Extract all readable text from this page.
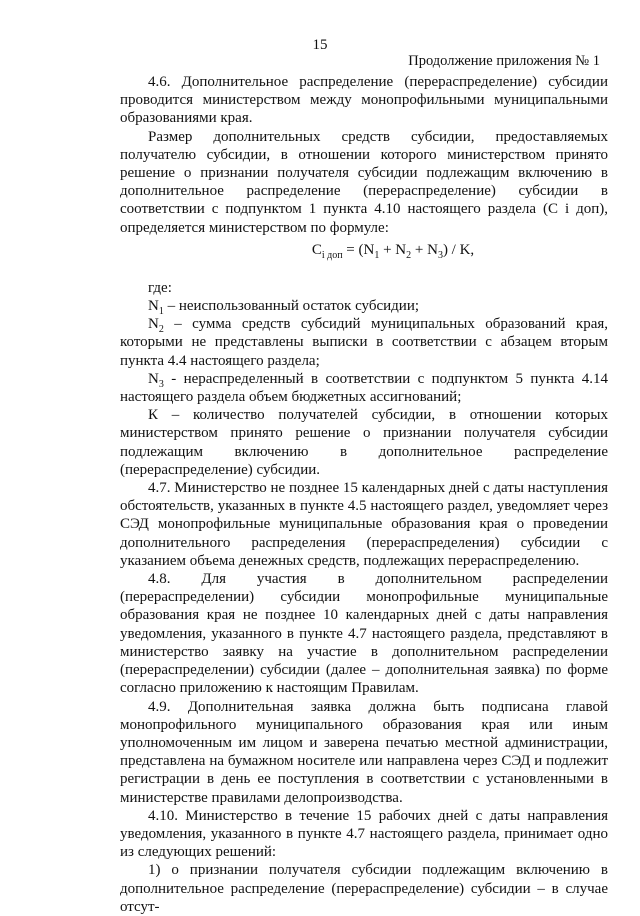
15
Продолжение приложения № 1

4.6. Дополнительное распределение (перераспределение) субсидии проводится министерством между монопрофильными муниципальными образованиями края.

Размер дополнительных средств субсидии, предоставляемых получателю субсидии, в отношении которого министерством принято решение о признании получателя субсидии подлежащим включению в дополнительное распределение (перераспределение) субсидии в соответствии с подпунктом 1 пункта 4.10 настоящего раздела (С i доп), определяется министерством по формуле:

$С_{i доп} = (N_1 + N_2 + N_3) / K$,

где:

$N_1$ – неиспользованный остаток субсидии;

$N_2$ – сумма средств субсидий муниципальных образований края, которыми не представлены выписки в соответствии с абзацем вторым пункта 4.4 настоящего раздела;

$N_3$ - нераспределенный в соответствии с подпунктом 5 пункта 4.14 настоящего раздела объем бюджетных ассигнований;

К – количество получателей субсидии, в отношении которых министерством принято решение о признании получателя субсидии подлежащим включению в дополнительное распределение (перераспределение) субсидии.

4.7. Министерство не позднее 15 календарных дней с даты наступления обстоятельств, указанных в пункте 4.5 настоящего раздел, уведомляет через СЭД монопрофильные муниципальные образования края о проведении дополнительного распределения (перераспределения) субсидии с указанием объема денежных средств, подлежащих перераспределению.

4.8. Для участия в дополнительном распределении (перераспределении) субсидии монопрофильные муниципальные образования края не позднее 10 календарных дней с даты направления уведомления, указанного в пункте 4.7 настоящего раздела, представляют в министерство заявку на участие в дополнительном распределении (перераспределении) субсидии (далее – дополнительная заявка) по форме согласно приложению к настоящим Правилам.

4.9. Дополнительная заявка должна быть подписана главой монопрофильного муниципального образования края или иным уполномоченным им лицом и заверена печатью местной администрации, представлена на бумажном носителе или направлена через СЭД и подлежит регистрации в день ее поступления в соответствии с установленными в министерстве правилами делопроизводства.

4.10. Министерство в течение 15 рабочих дней с даты направления уведомления, указанного в пункте 4.7 настоящего раздела, принимает одно из следующих решений:

1) о признании получателя субсидии подлежащим включению в дополнительное распределение (перераспределение) субсидии – в случае отсут-
